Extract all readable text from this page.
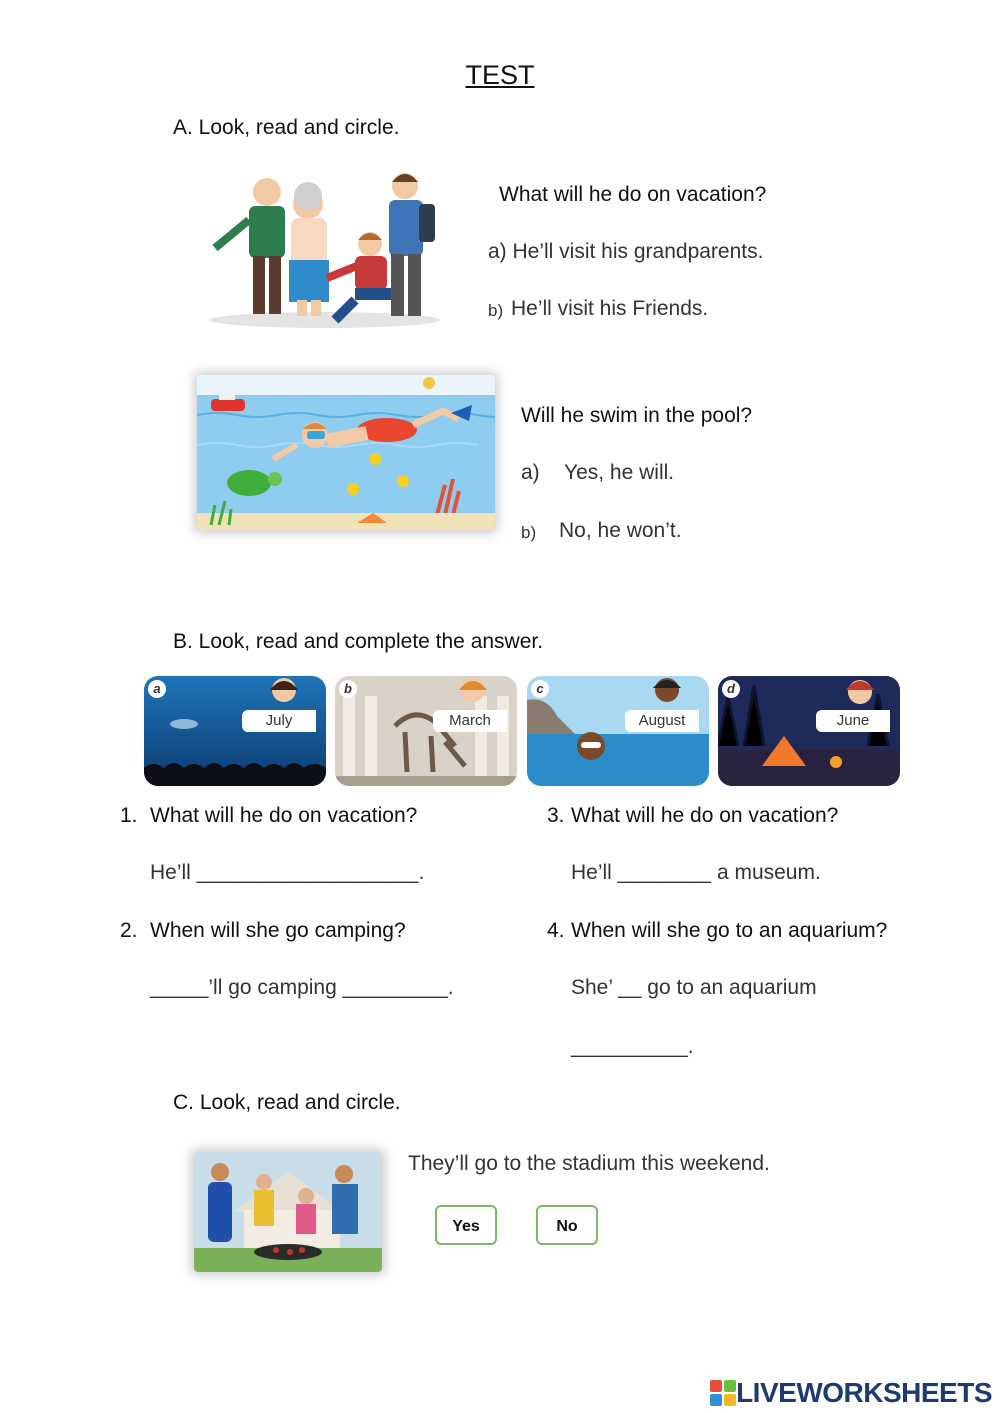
TEST
A. Look, read and circle.
What will he do on vacation?
a) He’ll visit his grandparents.
b) He’ll visit his Friends.
Will he swim in the pool?
a) Yes, he will.
b) No, he won’t.
B. Look, read and complete the answer.
a
July
b
March
c
August
d
June
1. What will he do on vacation?
He’ll ___________________.
2. When will she go camping?
_____’ll go camping _________.
3. What will he do on vacation?
He’ll ________ a museum.
4. When will she go to an aquarium?
She’ __ go to an aquarium
__________.
C. Look, read and circle.
They’ll go to the stadium this weekend.
Yes	No
LIVEWORKSHEETS
